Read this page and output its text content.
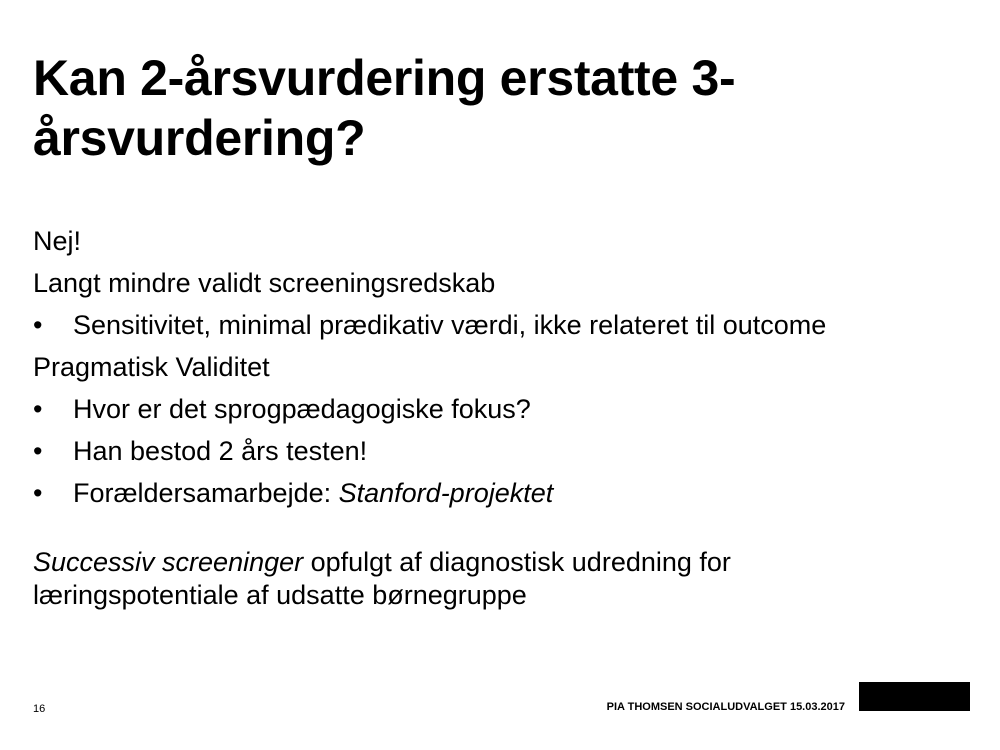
Kan 2-årsvurdering erstatte 3-årsvurdering?
Nej!
Langt mindre validt screeningsredskab
• Sensitivitet, minimal prædikativ værdi, ikke relateret til outcome
Pragmatisk Validitet
• Hvor er det sprogpædagogiske fokus?
• Han bestod 2 års testen!
• Forældersamarbejde: Stanford-projektet
Successiv screeninger opfulgt af diagnostisk udredning for
læringspotentiale af udsatte børnegruppe
16	PIA THOMSEN SOCIALUDVALGET 15.03.2017
